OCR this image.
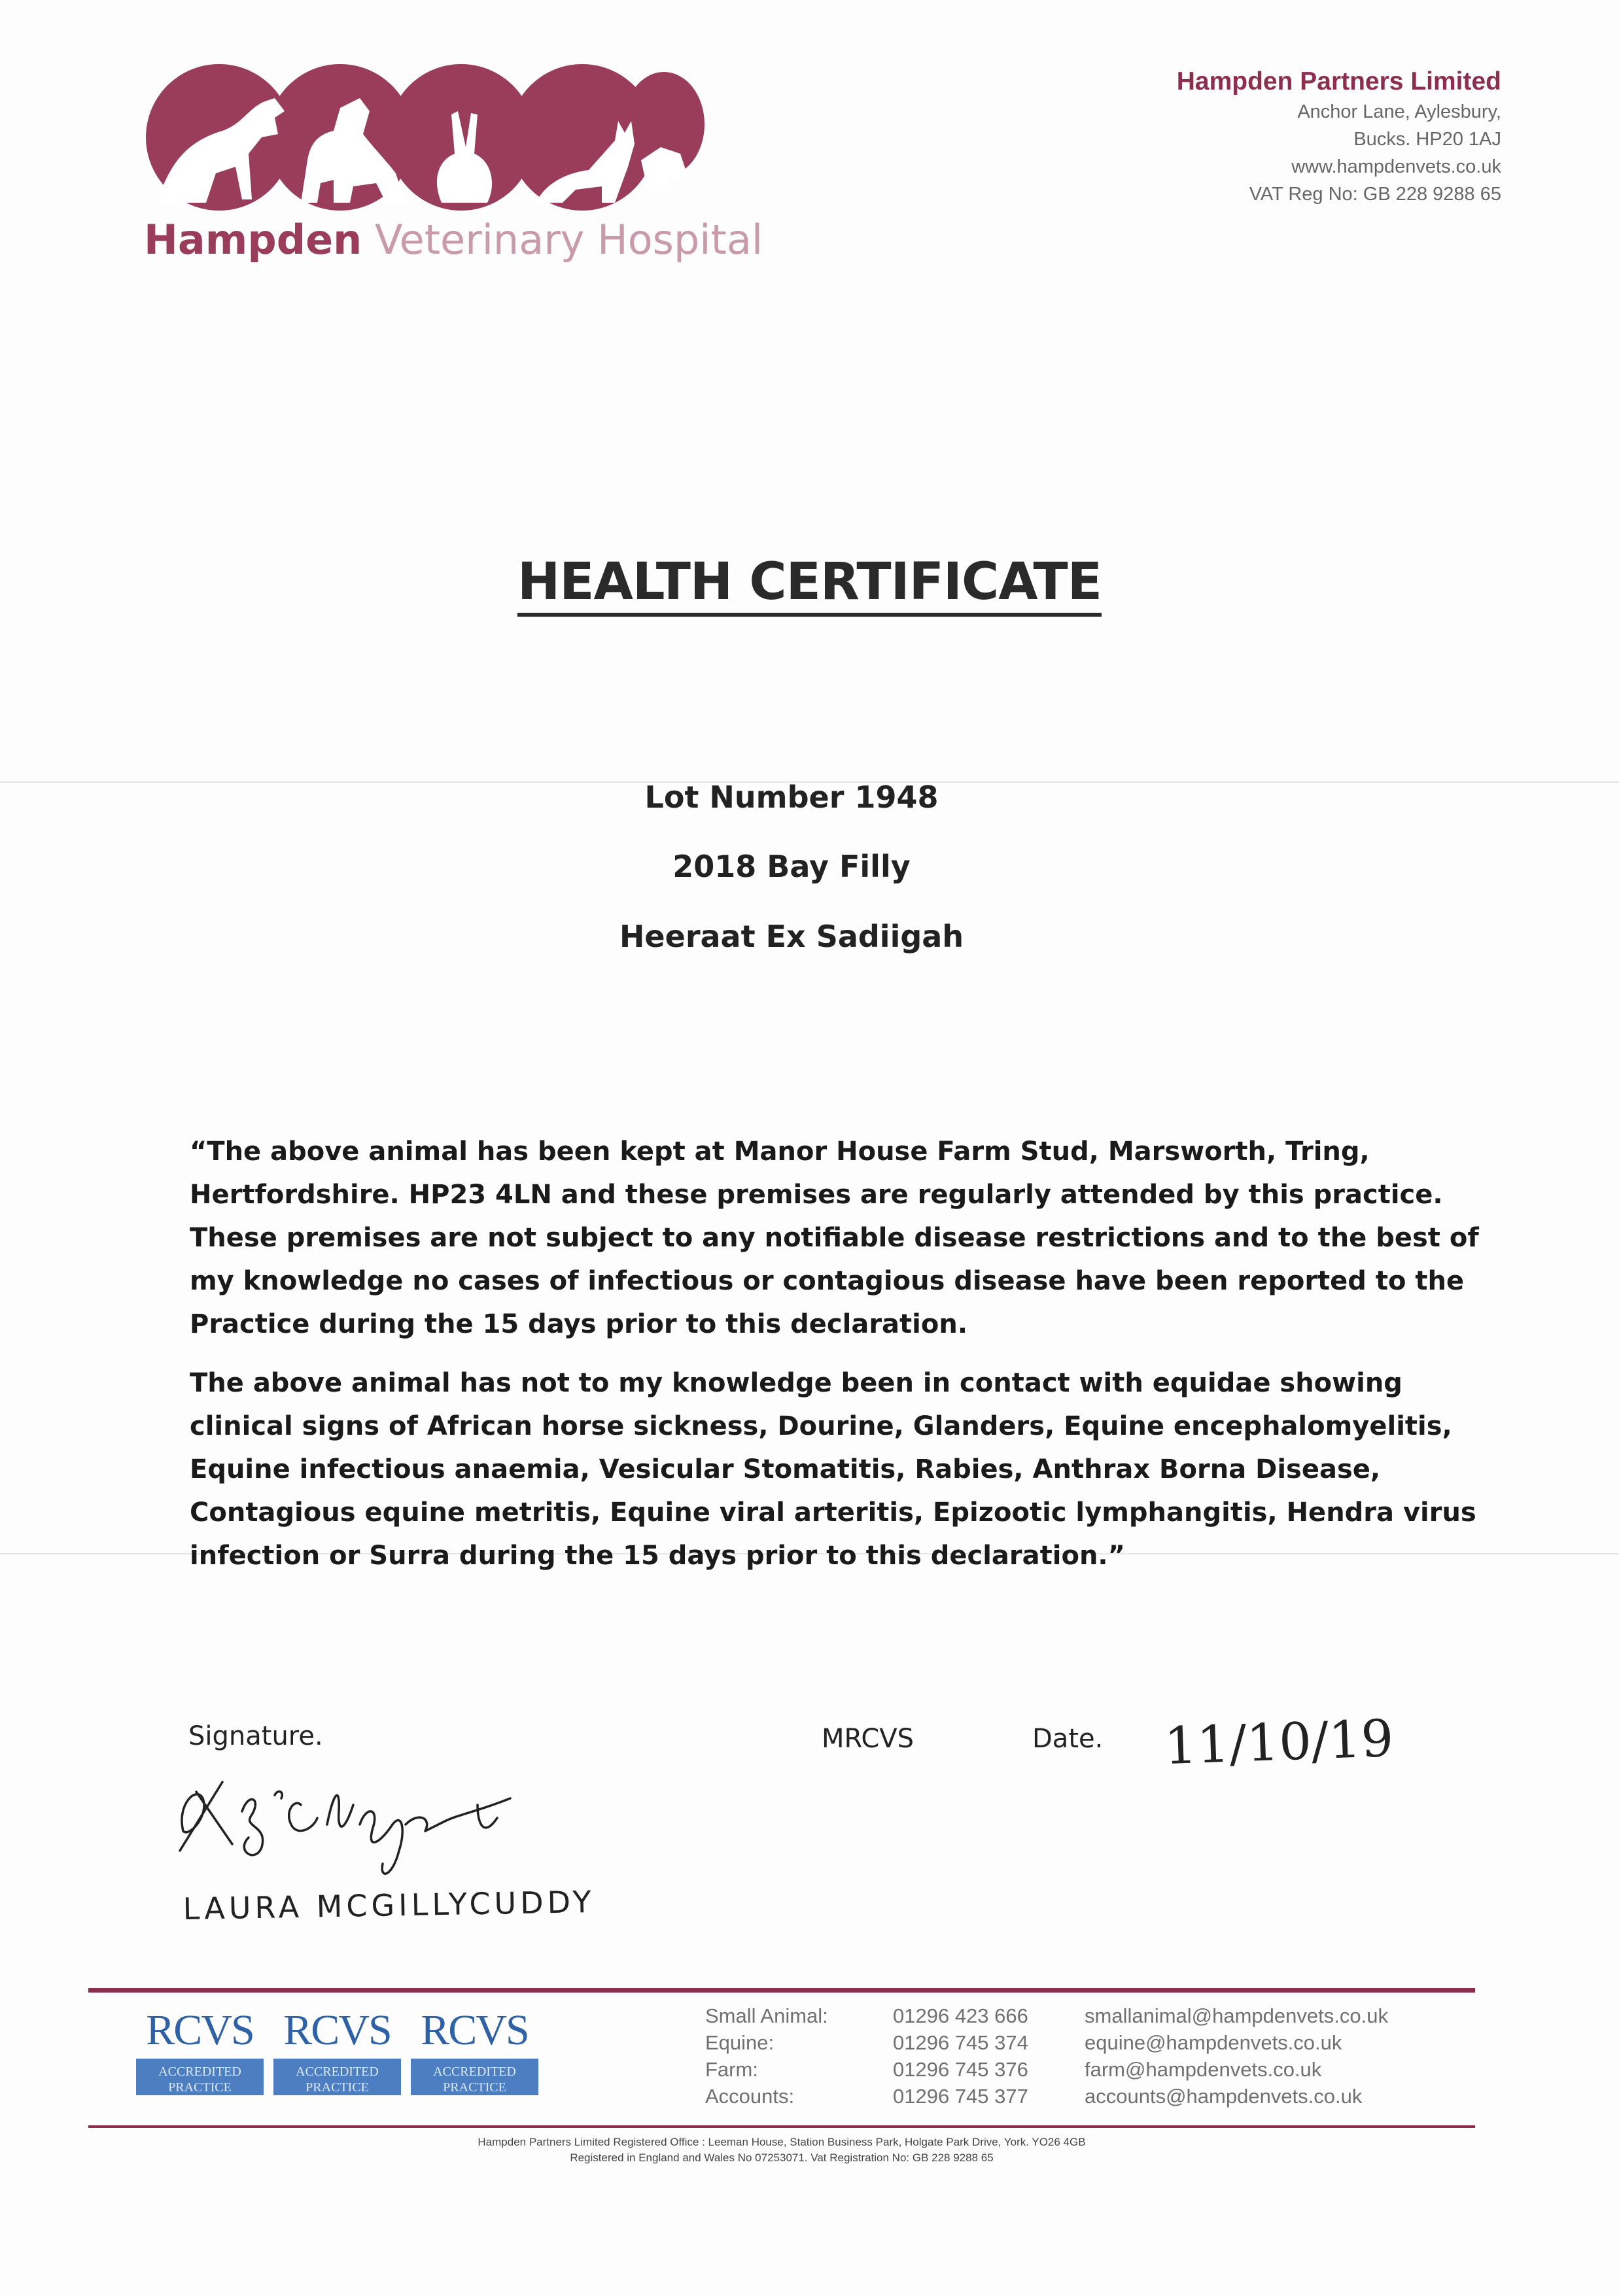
Hampden Veterinary Hospital
Hampden Partners Limited
Anchor Lane, Aylesbury,
Bucks. HP20 1AJ
www.hampdenvets.co.uk
VAT Reg No: GB 228 9288 65
HEALTH CERTIFICATE
Lot Number 1948
2018 Bay Filly
Heeraat Ex Sadiigah
“The above animal has been kept at Manor House Farm Stud, Marsworth, Tring,
Hertfordshire. HP23 4LN and these premises are regularly attended by this practice.
These premises are not subject to any notifiable disease restrictions and to the best of
my knowledge no cases of infectious or contagious disease have been reported to the
Practice during the 15 days prior to this declaration.
The above animal has not to my knowledge been in contact with equidae showing
clinical signs of African horse sickness, Dourine, Glanders, Equine encephalomyelitis,
Equine infectious anaemia, Vesicular Stomatitis, Rabies, Anthrax Borna Disease,
Contagious equine metritis, Equine viral arteritis, Epizootic lymphangitis, Hendra virus
infection or Surra during the 15 days prior to this declaration.”
Signature.	MRCVS	Date. 11/10/19
LAURA MCGILLYCUDDY
RCVS
ACCREDITED
PRACTICE
RCVS
ACCREDITED
PRACTICE
RCVS
ACCREDITED
PRACTICE
Small Animal:
Equine:
Farm:
Accounts:
01296 423 666
01296 745 374
01296 745 376
01296 745 377
smallanimal@hampdenvets.co.uk
equine@hampdenvets.co.uk
farm@hampdenvets.co.uk
accounts@hampdenvets.co.uk
Hampden Partners Limited Registered Office : Leeman House, Station Business Park, Holgate Park Drive, York. YO26 4GB
Registered in England and Wales No 07253071. Vat Registration No: GB 228 9288 65
